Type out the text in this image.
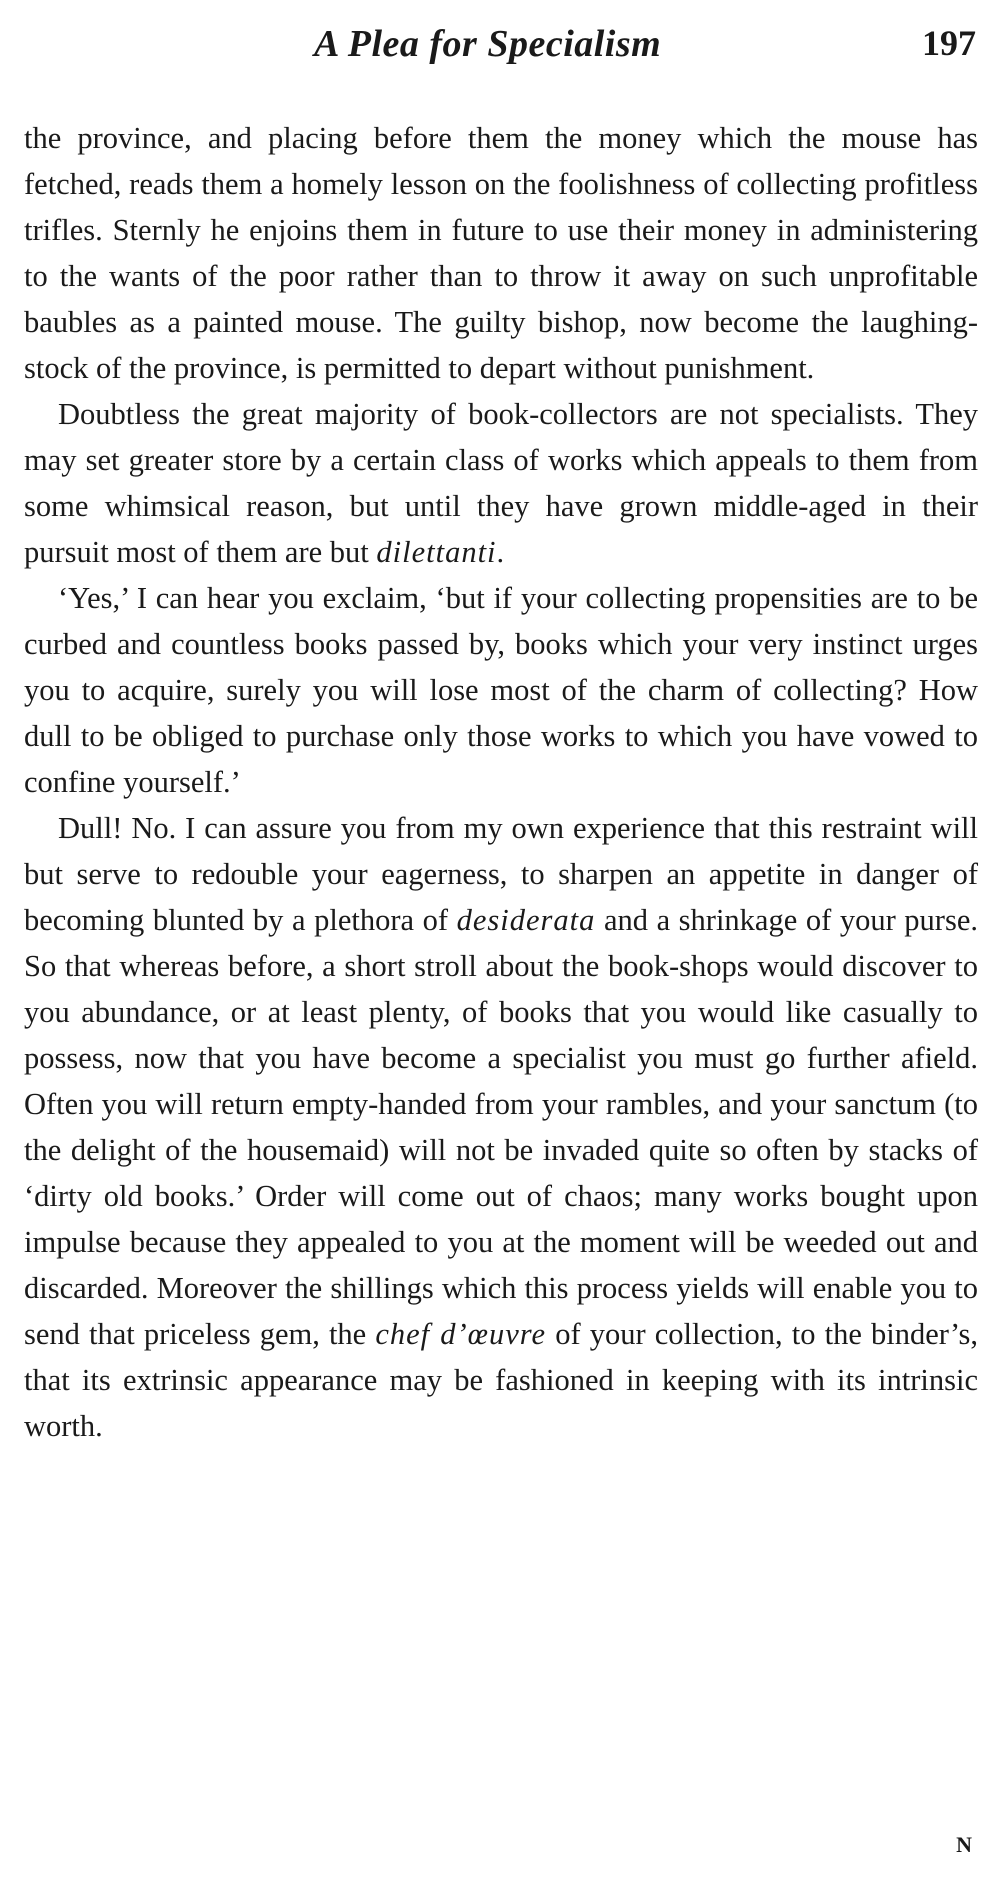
A Plea for Specialism	197

the province, and placing before them the money which the mouse has fetched, reads them a homely lesson on the foolishness of collecting profitless trifles. Sternly he enjoins them in future to use their money in administering to the wants of the poor rather than to throw it away on such unprofitable baubles as a painted mouse. The guilty bishop, now become the laughing-stock of the province, is permitted to depart without punishment.

Doubtless the great majority of book-collectors are not specialists. They may set greater store by a certain class of works which appeals to them from some whimsical reason, but until they have grown middle-aged in their pursuit most of them are but dilettanti.

‘Yes,’ I can hear you exclaim, ‘but if your collecting propensities are to be curbed and countless books passed by, books which your very instinct urges you to acquire, surely you will lose most of the charm of collecting? How dull to be obliged to purchase only those works to which you have vowed to confine yourself.’

Dull! No. I can assure you from my own experience that this restraint will but serve to redouble your eagerness, to sharpen an appetite in danger of becoming blunted by a plethora of desiderata and a shrinkage of your purse. So that whereas before, a short stroll about the book-shops would discover to you abundance, or at least plenty, of books that you would like casually to possess, now that you have become a specialist you must go further afield. Often you will return empty-handed from your rambles, and your sanctum (to the delight of the housemaid) will not be invaded quite so often by stacks of ‘dirty old books.’ Order will come out of chaos; many works bought upon impulse because they appealed to you at the moment will be weeded out and discarded. Moreover the shillings which this process yields will enable you to send that priceless gem, the chef d’œuvre of your collection, to the binder’s, that its extrinsic appearance may be fashioned in keeping with its intrinsic worth.

N
